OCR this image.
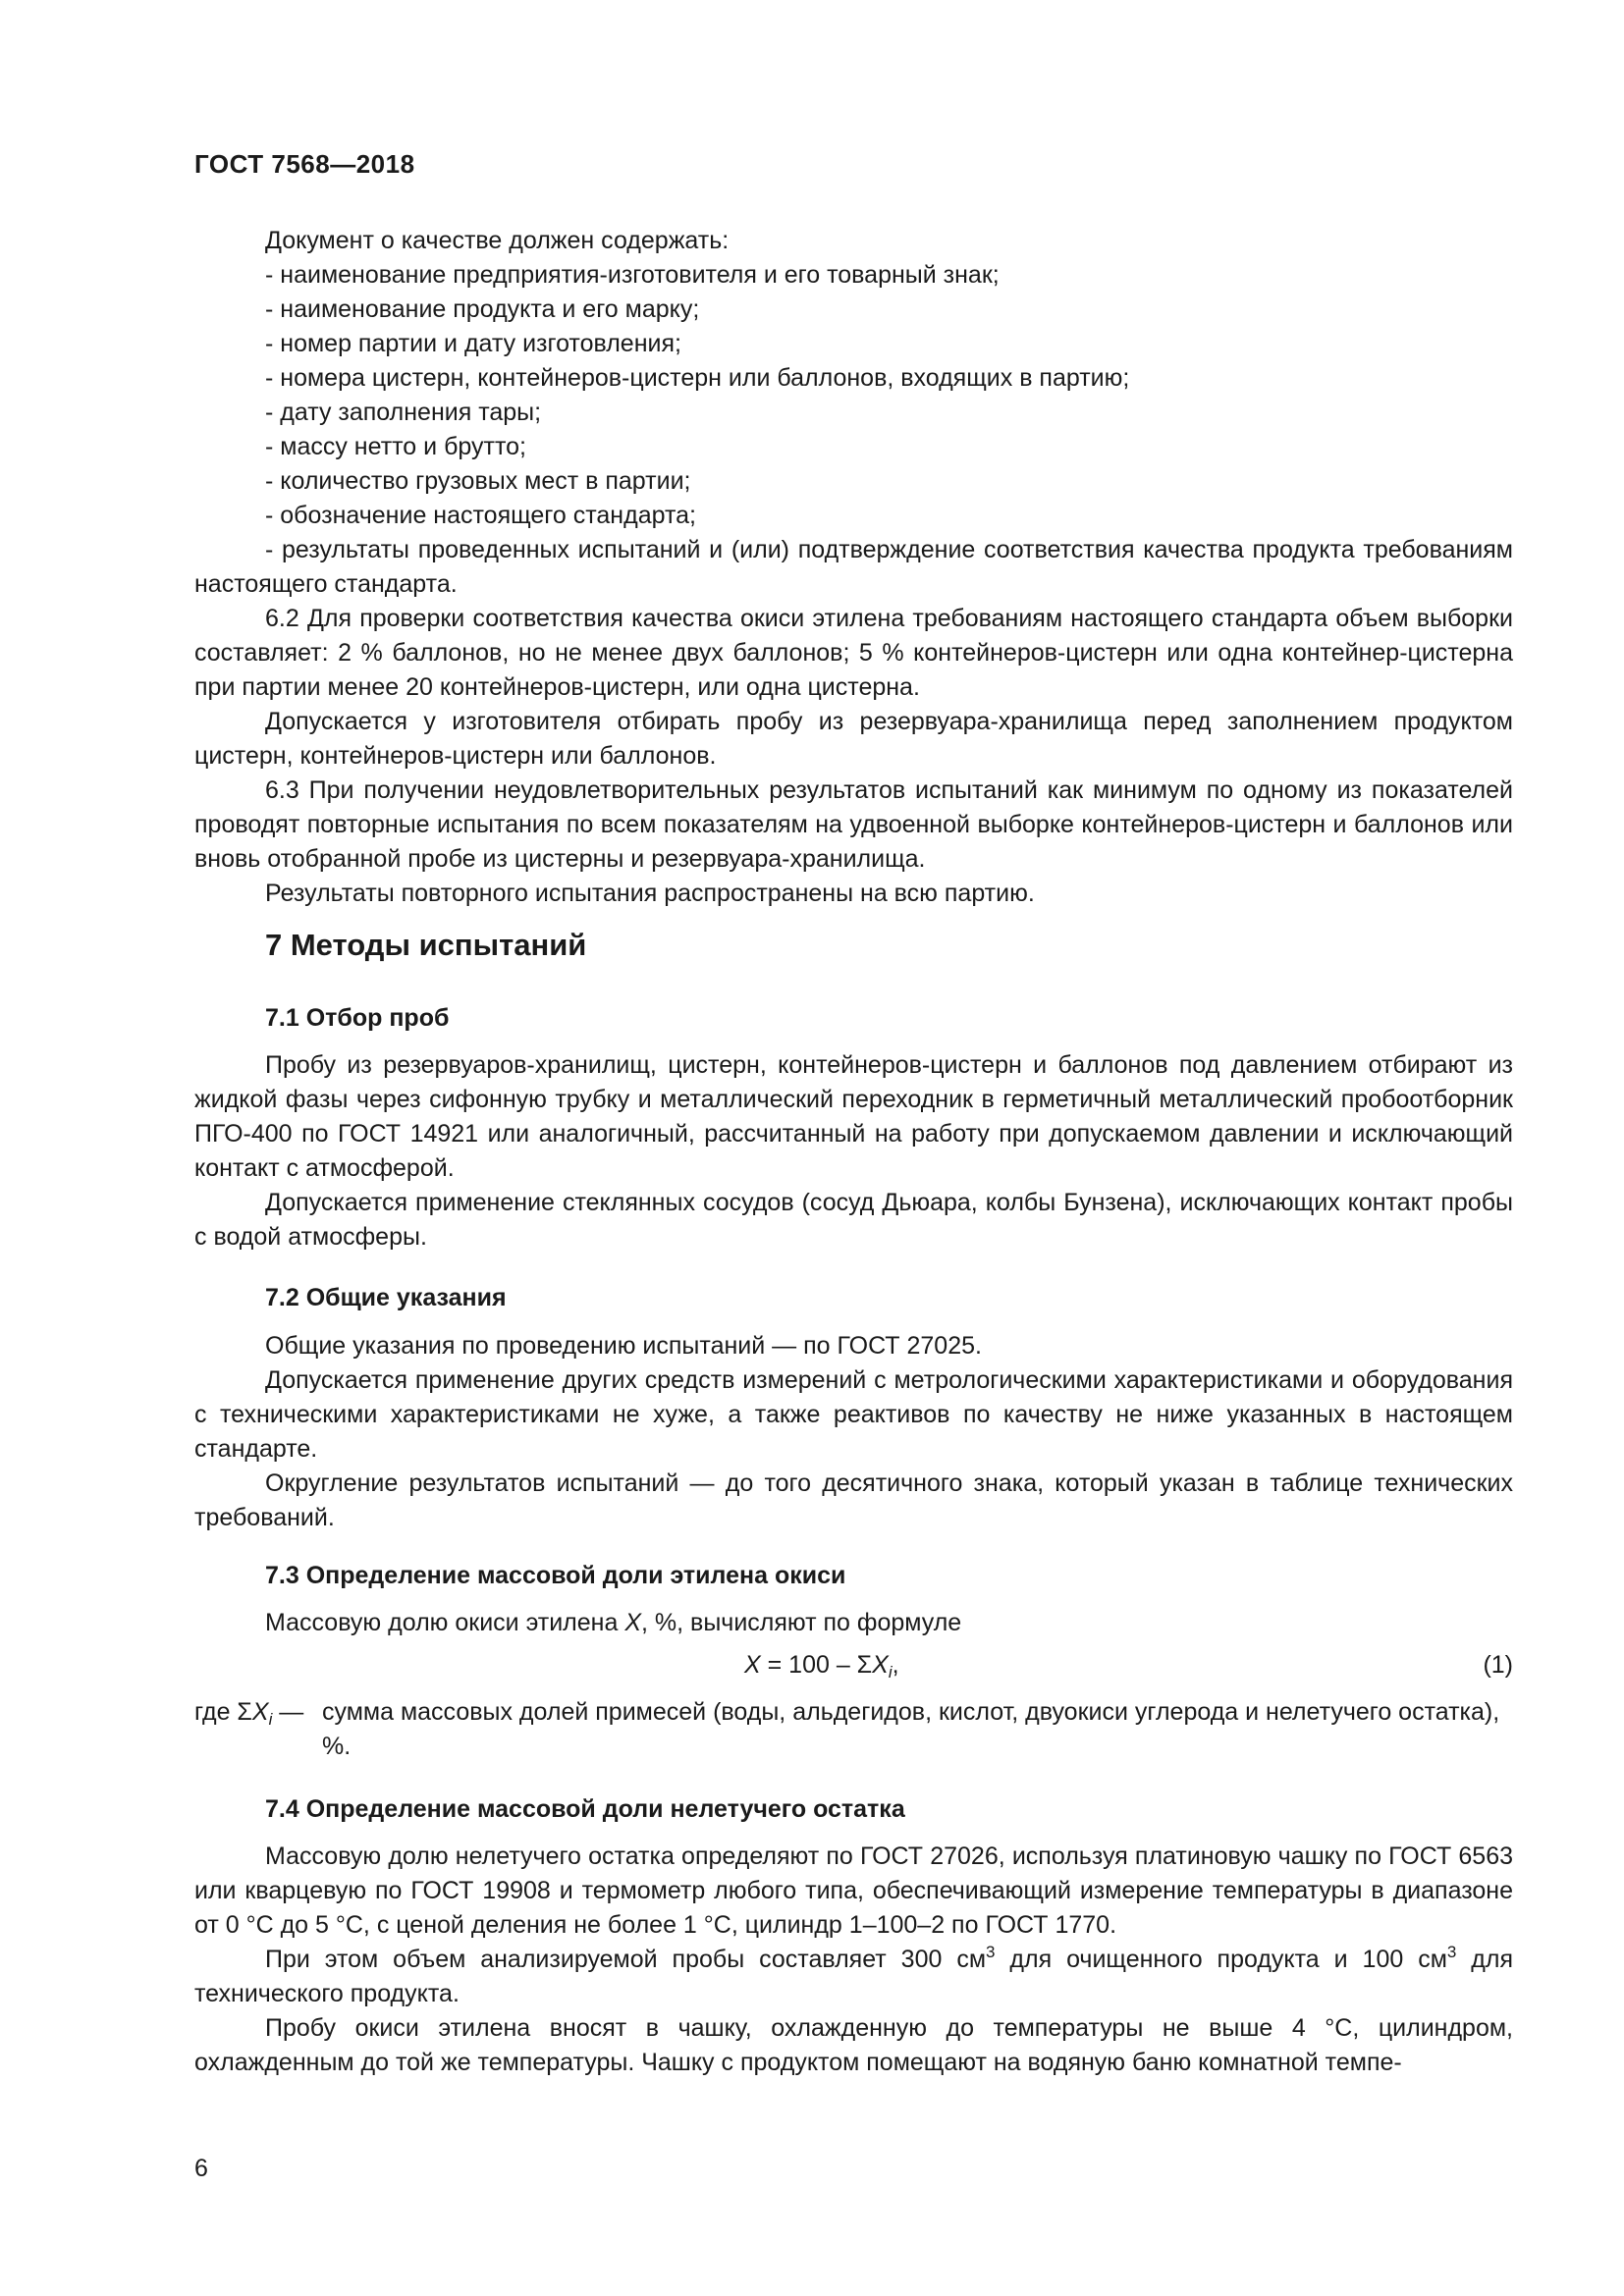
ГОСТ 7568—2018

Документ о качестве должен содержать:

- наименование предприятия-изготовителя и его товарный знак;

- наименование продукта и его марку;

- номер партии и дату изготовления;

- номера цистерн, контейнеров-цистерн или баллонов, входящих в партию;

- дату заполнения тары;

- массу нетто и брутто;

- количество грузовых мест в партии;

- обозначение настоящего стандарта;

- результаты проведенных испытаний и (или) подтверждение соответствия качества продукта требованиям настоящего стандарта.

6.2 Для проверки соответствия качества окиси этилена требованиям настоящего стандарта объем выборки составляет: 2 % баллонов, но не менее двух баллонов; 5 % контейнеров-цистерн или одна контейнер-цистерна при партии менее 20 контейнеров-цистерн, или одна цистерна.

Допускается у изготовителя отбирать пробу из резервуара-хранилища перед заполнением продуктом цистерн, контейнеров-цистерн или баллонов.

6.3 При получении неудовлетворительных результатов испытаний как минимум по одному из показателей проводят повторные испытания по всем показателям на удвоенной выборке контейнеров-цистерн и баллонов или вновь отобранной пробе из цистерны и резервуара-хранилища.

Результаты повторного испытания распространены на всю партию.

7 Методы испытаний
7.1 Отбор проб

Пробу из резервуаров-хранилищ, цистерн, контейнеров-цистерн и баллонов под давлением отбирают из жидкой фазы через сифонную трубку и металлический переходник в герметичный металлический пробоотборник ПГО-400 по ГОСТ 14921 или аналогичный, рассчитанный на работу при допускаемом давлении и исключающий контакт с атмосферой.

Допускается применение стеклянных сосудов (сосуд Дьюара, колбы Бунзена), исключающих контакт пробы с водой атмосферы.

7.2 Общие указания

Общие указания по проведению испытаний — по ГОСТ 27025.

Допускается применение других средств измерений с метрологическими характеристиками и оборудования с техническими характеристиками не хуже, а также реактивов по качеству не ниже указанных в настоящем стандарте.

Округление результатов испытаний — до того десятичного знака, который указан в таблице технических требований.

7.3 Определение массовой доли этилена окиси

Массовую долю окиси этилена X, %, вычисляют по формуле

$X = 100 - \Sigma X_i$,	(1)
где $\Sigma X_i$ — сумма массовых долей примесей (воды, альдегидов, кислот, двуокиси углерода и нелетучего остатка), %.
7.4 Определение массовой доли нелетучего остатка

Массовую долю нелетучего остатка определяют по ГОСТ 27026, используя платиновую чашку по ГОСТ 6563 или кварцевую по ГОСТ 19908 и термометр любого типа, обеспечивающий измерение температуры в диапазоне от 0 °С до 5 °С, с ценой деления не более 1 °С, цилиндр 1–100–2 по ГОСТ 1770.

При этом объем анализируемой пробы составляет 300 $см^3$ для очищенного продукта и 100 $см^3$ для технического продукта.

Пробу окиси этилена вносят в чашку, охлажденную до температуры не выше 4 °С, цилиндром, охлажденным до той же температуры. Чашку с продуктом помещают на водяную баню комнатной темпе-

6
